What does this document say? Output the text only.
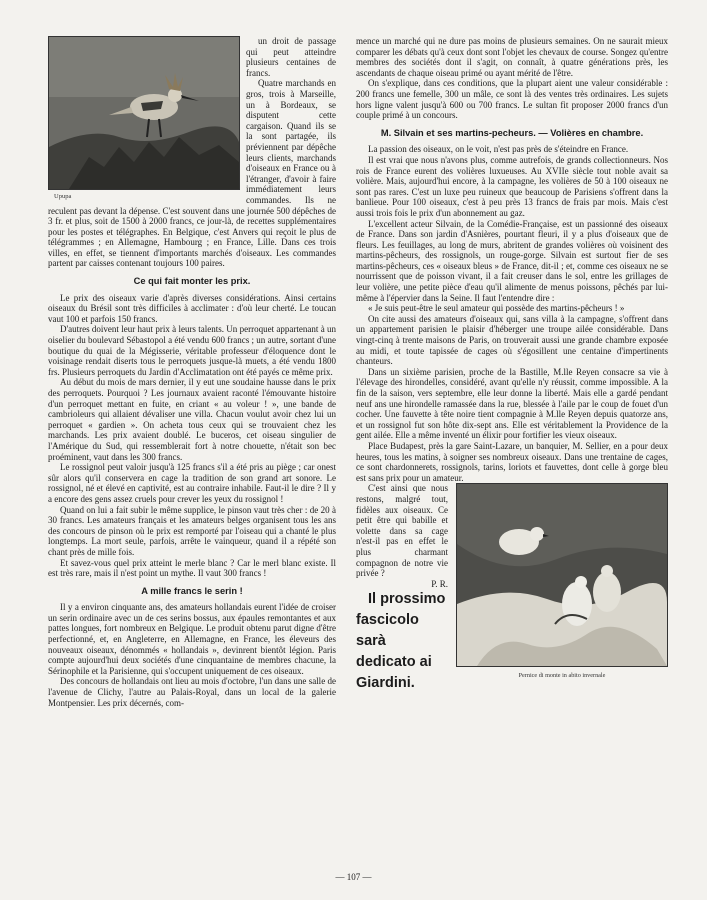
Upupa

un droit de passage qui peut atteindre plusieurs centaines de francs.

Quatre marchands en gros, trois à Marseille, un à Bordeaux, se disputent cette cargaison. Quand ils se la sont partagée, ils préviennent par dépêche leurs clients, marchands d'oiseaux en France ou à l'étranger, d'avoir à faire immédiatement leurs commandes. Ils ne reculent pas devant la dépense. C'est souvent dans une journée 500 dépêches de 3 fr. et plus, soit de 1500 à 2000 francs, ce jour-là, de recettes supplémentaires pour les postes et télégraphes. En Belgique, c'est Anvers qui reçoit le plus de télégrammes ; en Allemagne, Hambourg ; en France, Lille. Dans ces trois villes, en effet, se tiennent d'importants marchés d'oiseaux. Les commandes partent par caisses contenant toujours 100 paires.

Ce qui fait monter les prix.

Le prix des oiseaux varie d'après diverses considérations. Ainsi certains oiseaux du Brésil sont très difficiles à acclimater : d'où leur cherté. Le toucan vaut 100 et parfois 150 francs.

D'autres doivent leur haut prix à leurs talents. Un perroquet appartenant à un oiselier du boulevard Sébastopol a été vendu 600 francs ; un autre, sortant d'une boutique du quai de la Mégisserie, véritable professeur d'éloquence dont le voisinage rendait diserts tous le perroquets jusque-là muets, a été vendu 1800 frs. Plusieurs perroquets du Jardin d'Acclimatation ont été payés ce même prix.

Au début du mois de mars dernier, il y eut une soudaine hausse dans le prix des perroquets. Pourquoi ? Les journaux avaient raconté l'émouvante histoire d'un perroquet mettant en fuite, en criant « au voleur ! », une bande de cambrioleurs qui allaient dévaliser une villa. Chacun voulut avoir chez lui un perroquet « gardien ». On acheta tous ceux qui se trouvaient chez les marchands. Les prix avaient doublé. Le buceros, cet oiseau singulier de l'Amérique du Sud, qui ressemblerait fort à notre chouette, n'était son bec proéminent, vaut dans les 300 francs.

Le rossignol peut valoir jusqu'à 125 francs s'il a été pris au piège ; car onest sûr alors qu'il conservera en cage la tradition de son grand art sonore. Le rossignol, né et élevé en captivité, est au contraire inhabile. Faut-il le dire ? Il y a encore des gens assez cruels pour crever les yeux du rossignol !

Quand on lui a fait subir le même supplice, le pinson vaut très cher : de 20 à 30 francs. Les amateurs français et les amateurs belges organisent tous les ans des concours de pinson où le prix est remporté par l'oiseau qui a chanté le plus longtemps. La mort seule, parfois, arrête le vainqueur, quand il a répété son chant près de mille fois.

Et savez-vous quel prix atteint le merle blanc ? Car le merl blanc existe. Il est très rare, mais il n'est point un mythe. Il vaut 300 francs !

A mille francs le serin !

Il y a environ cinquante ans, des amateurs hollandais eurent l'idée de croiser un serin ordinaire avec un de ces serins bossus, aux épaules remontantes et aux pattes longues, fort nombreux en Belgique. Le produit obtenu parut digne d'être perfectionné, et, en Angleterre, en Allemagne, en France, les éleveurs des nouveaux oiseaux, dénommés « hollandais », devinrent bientôt légion. Paris compte aujourd'hui deux sociétés d'une cinquantaine de membres chacune, la Sérinophile et la Parisienne, qui s'occupent uniquement de ces oiseaux.

Des concours de hollandais ont lieu au mois d'octobre, l'un dans une salle de l'avenue de Clichy, l'autre au Palais-Royal, dans un local de la galerie Montpensier. Les prix décernés, com-

mence un marché qui ne dure pas moins de plusieurs semaines. On ne saurait mieux comparer les débats qu'à ceux dont sont l'objet les chevaux de course. Songez qu'entre membres des sociétés dont il s'agit, on connaît, à quatre générations près, les ascendants de chaque oiseau primé ou ayant mérité de l'être.

On s'explique, dans ces conditions, que la plupart aient une valeur considérable : 200 francs une femelle, 300 un mâle, ce sont là des ventes très ordinaires. Les sujets hors ligne valent jusqu'à 600 ou 700 francs. Le sultan fit proposer 2000 francs d'un couple primé à un concours.

M. Silvain et ses martins-pecheurs. — Volières en chambre.

La passion des oiseaux, on le voit, n'est pas près de s'éteindre en France.

Il est vrai que nous n'avons plus, comme autrefois, de grands collectionneurs. Nos rois de France eurent des volières luxueuses. Au XVIIe siècle tout noble avait sa volière. Mais, aujourd'hui encore, à la campagne, les volières de 50 à 100 oiseaux ne sont pas rares. C'est un luxe peu ruineux que beaucoup de Parisiens s'offrent dans la banlieue. Pour 100 oiseaux, c'est à peu près 13 francs de frais par mois. Mais c'est aussi trois fois le prix d'un abonnement au gaz.

L'excellent acteur Silvain, de la Comédie-Française, est un passionné des oiseaux de France. Dans son jardin d'Asnières, pourtant fleuri, il y a plus d'oiseaux que de fleurs. Les feuillages, au long de murs, abritent de grandes volières où voisinent des martins-pêcheurs, des rossignols, un rouge-gorge. Silvain est surtout fier de ses martins-pêcheurs, ces « oiseaux bleus » de France, dit-il ; et, comme ces oiseaux ne se nourrissent que de poisson vivant, il a fait creuser dans le sol, entre les grillages de leur volière, une petite pièce d'eau qu'il alimente de menus poissons, pêchés par lui-même à l'épervier dans la Seine. Il faut l'entendre dire :

« Je suis peut-être le seul amateur qui possède des martins-pêcheurs ! »

On cite aussi des amateurs d'oiseaux qui, sans villa à la campagne, s'offrent dans un appartement parisien le plaisir d'héberger une troupe ailée considérable. Dans vingt-cinq à trente maisons de Paris, on trouverait aussi une grande chambre exposée au midi, et toute tapissée de cages où s'égosillent une centaine d'impertinents chanteurs.

Dans un sixième parisien, proche de la Bastille, M.lle Reyen consacre sa vie à l'élevage des hirondelles, considéré, avant qu'elle n'y réussit, comme impossible. A la fin de la saison, vers septembre, elle leur donne la liberté. Mais elle a gardé pendant neuf ans une hirondelle ramassée dans la rue, blessée à l'aile par le coup de fouet d'un cocher. Une fauvette à tête noire tient compagnie à M.lle Reyen depuis quatorze ans, et un rossignol fut son hôte dix-sept ans. Elle est véritablement la Providence de la gent ailée. Elle a même inventé un élixir pour fortifier les vieux oiseaux.

Place Budapest, près la gare Saint-Lazare, un banquier, M. Sellier, en a pour deux heures, tous les matins, à soigner ses nombreux oiseaux. Dans une trentaine de cages, ce sont chardonnerets, rossignols, tarins, loriots et fauvettes, dont celle à gorge bleu est sans prix pour un amateur.

Pernice di monte in abito invernale

C'est ainsi que nous restons, malgré tout, fidèles aux oiseaux. Ce petit être qui babille et volette dans sa cage n'est-il pas en effet le plus charmant compagnon de notre vie privée ?

P. R.

Il prossimo fascicolo sarà dedicato ai Giardini.

— 107 —
